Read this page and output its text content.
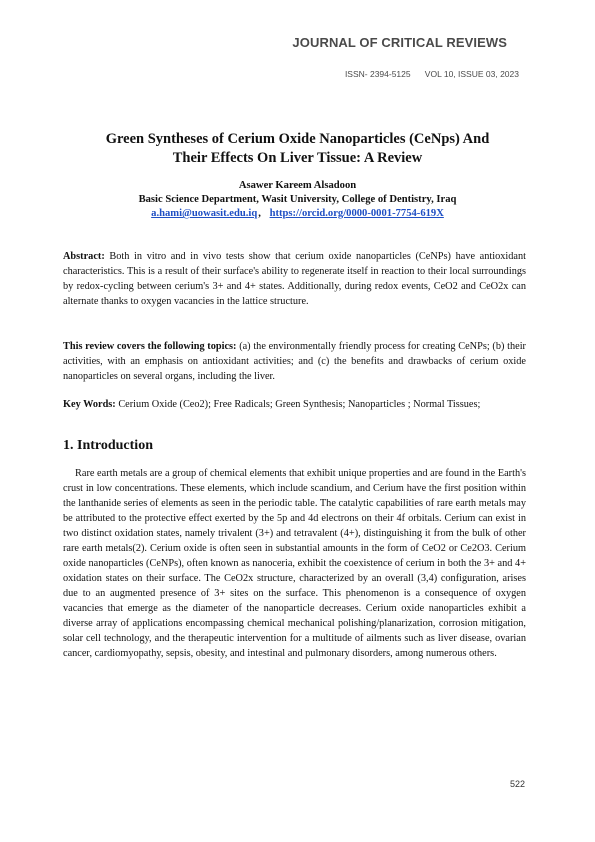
JOURNAL OF CRITICAL REVIEWS

ISSN- 2394-5125 VOL 10, ISSUE 03, 2023

Green Syntheses of Cerium Oxide Nanoparticles (CeNps) And
Their Effects On Liver Tissue: A Review
Asawer Kareem Alsadoon
Basic Science Department, Wasit University, College of Dentistry, Iraq
a.hami@uowasit.edu.iq, https://orcid.org/0000-0001-7754-619X

Abstract: Both in vitro and in vivo tests show that cerium oxide nanoparticles (CeNPs) have antioxidant characteristics. This is a result of their surface's ability to regenerate itself in reaction to their local surroundings by redox-cycling between cerium's 3+ and 4+ states. Additionally, during redox events, CeO2 and CeO2x can alternate thanks to oxygen vacancies in the lattice structure.

This review covers the following topics: (a) the environmentally friendly process for creating CeNPs; (b) their activities, with an emphasis on antioxidant activities; and (c) the benefits and drawbacks of cerium oxide nanoparticles on several organs, including the liver.

Key Words: Cerium Oxide (Ceo2); Free Radicals; Green Synthesis; Nanoparticles ; Normal Tissues;

1. Introduction

Rare earth metals are a group of chemical elements that exhibit unique properties and are found in the Earth's crust in low concentrations. These elements, which include scandium, and Cerium have the first position within the lanthanide series of elements as seen in the periodic table. The catalytic capabilities of rare earth metals may be attributed to the protective effect exerted by the 5p and 4d electrons on their 4f orbitals. Cerium can exist in two distinct oxidation states, namely trivalent (3+) and tetravalent (4+), distinguishing it from the bulk of other rare earth metals(2). Cerium oxide is often seen in substantial amounts in the form of CeO2 or Ce2O3. Cerium oxide nanoparticles (CeNPs), often known as nanoceria, exhibit the coexistence of cerium in both the 3+ and 4+ oxidation states on their surface. The CeO2x structure, characterized by an overall (3,4) configuration, arises due to an augmented presence of 3+ sites on the surface. This phenomenon is a consequence of oxygen vacancies that emerge as the diameter of the nanoparticle decreases. Cerium oxide nanoparticles exhibit a diverse array of applications encompassing chemical mechanical polishing/planarization, corrosion mitigation, solar cell technology, and the therapeutic intervention for a multitude of ailments such as liver disease, ovarian cancer, cardiomyopathy, sepsis, obesity, and intestinal and pulmonary disorders, among numerous others.

522
